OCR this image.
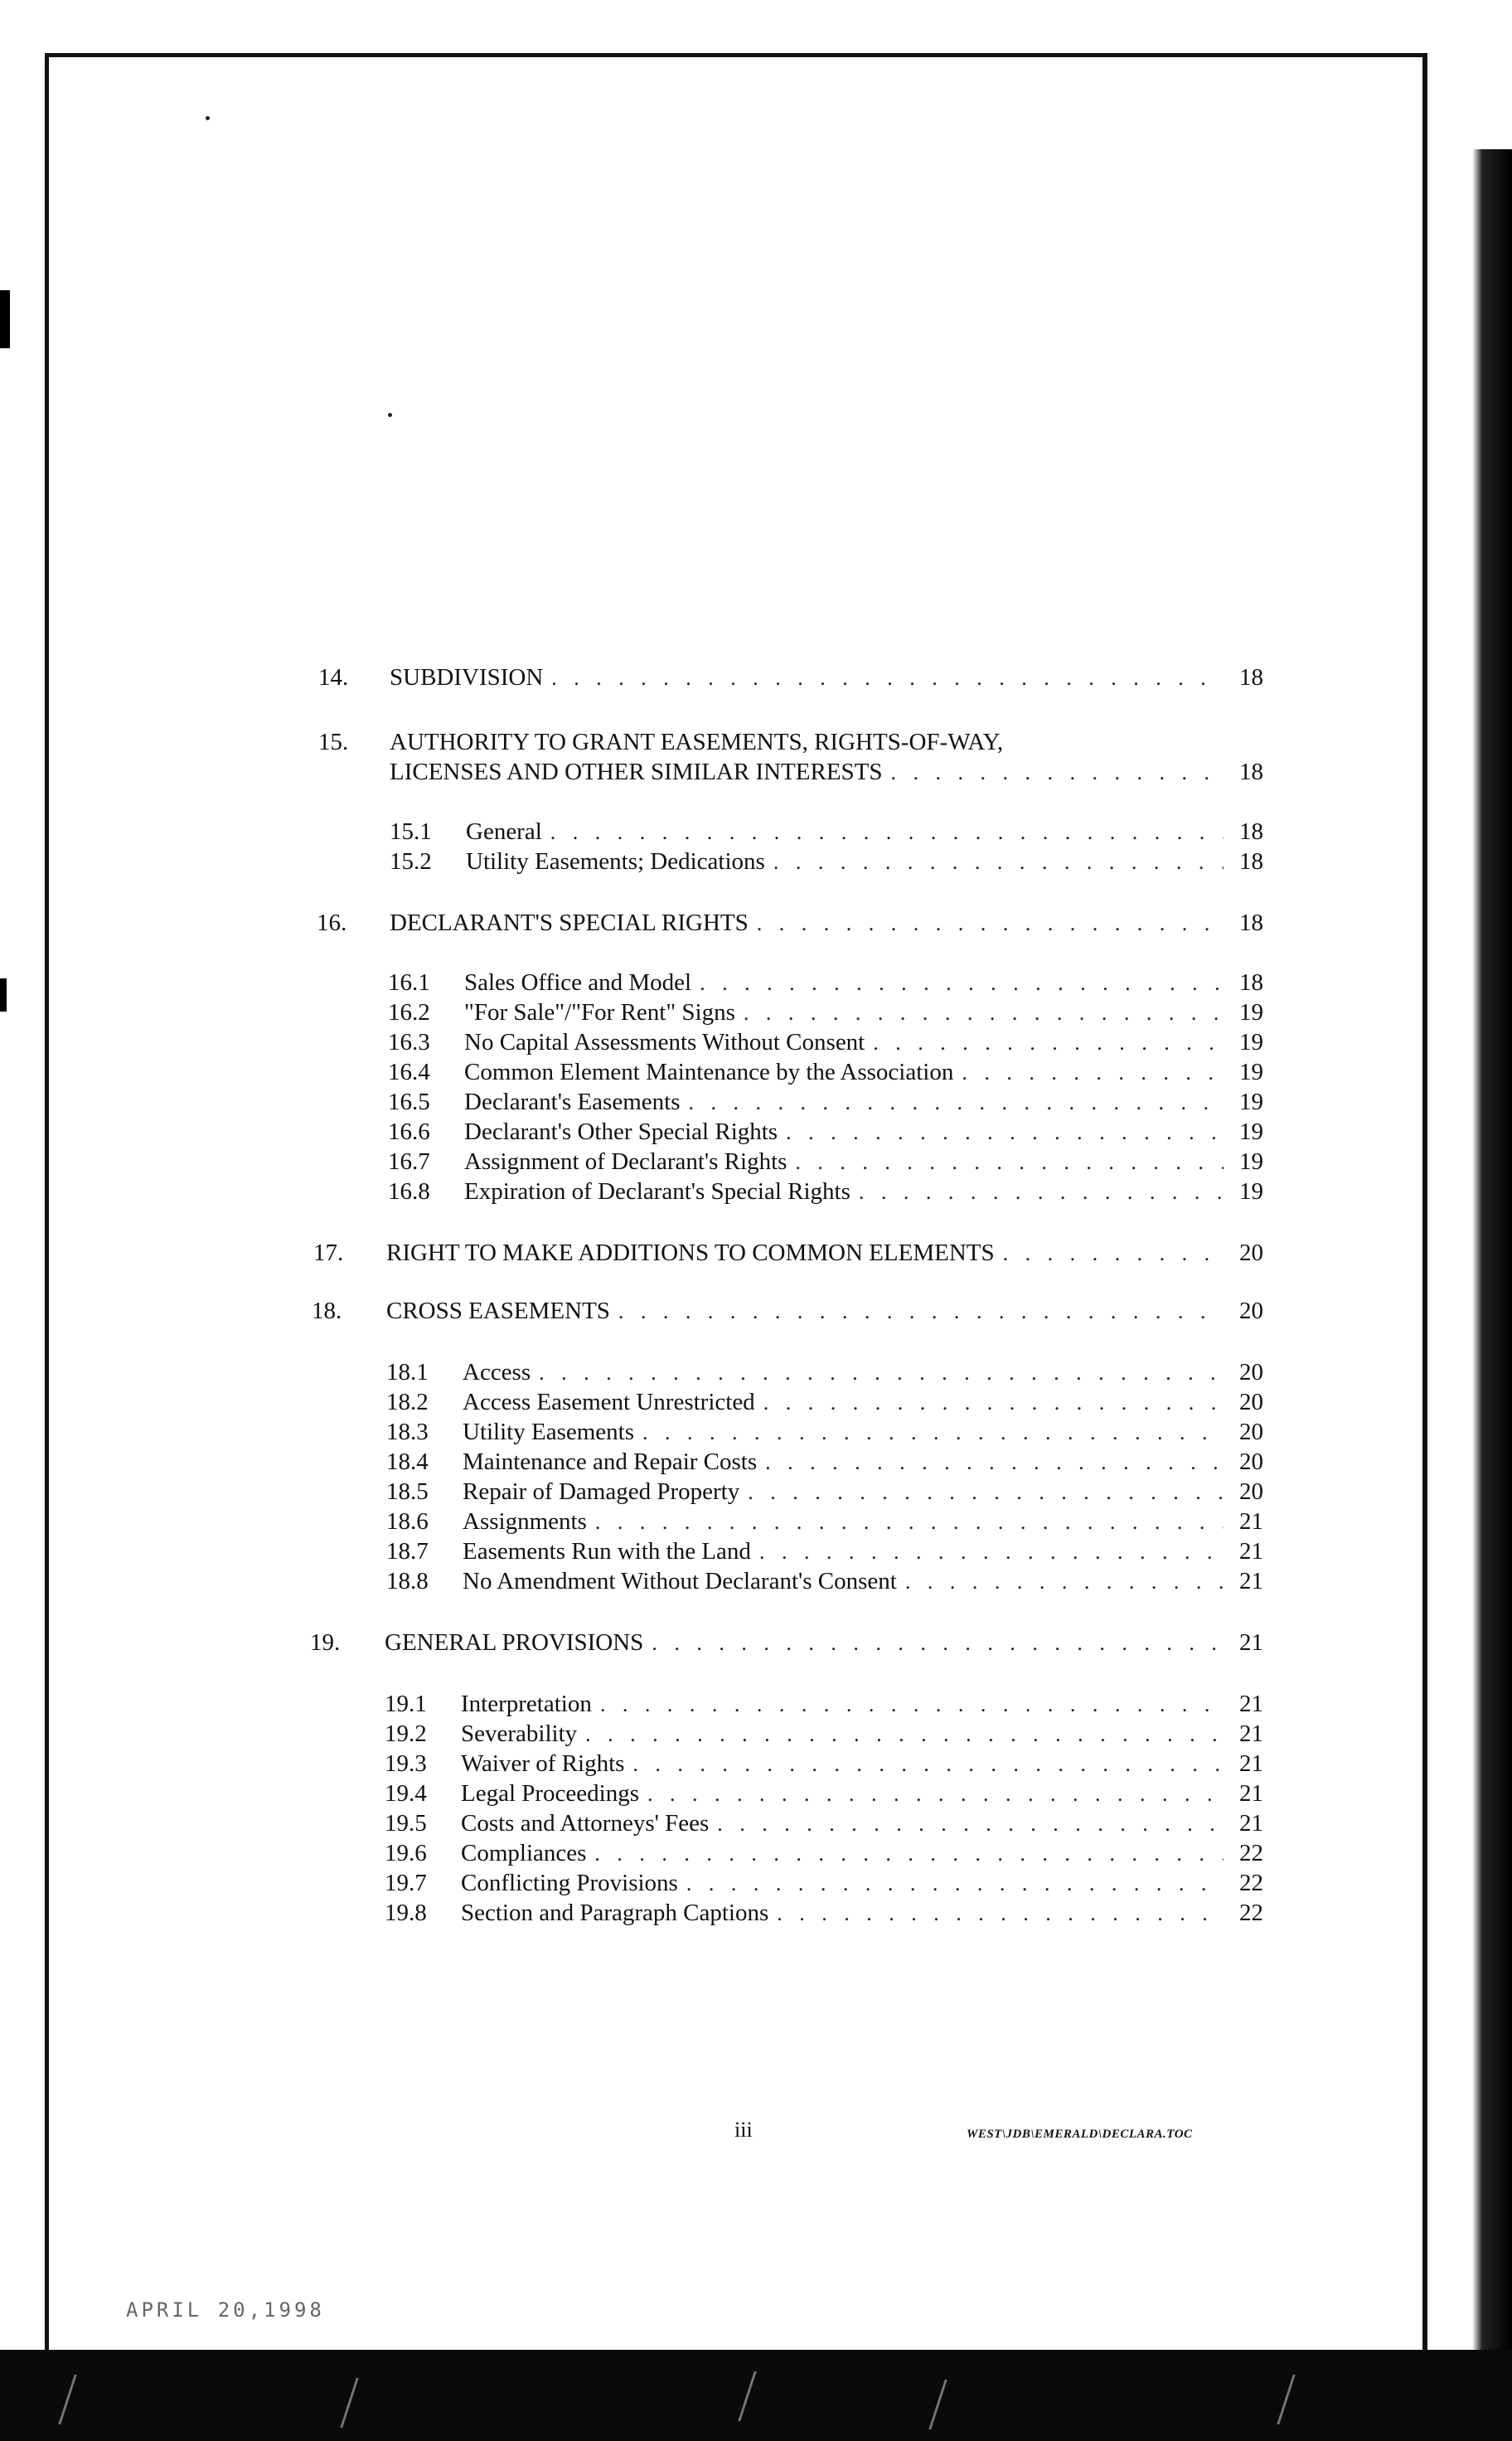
14.	SUBDIVISION . . .	18
15.	AUTHORITY TO GRANT EASEMENTS, RIGHTS-OF-WAY,
LICENSES AND OTHER SIMILAR INTERESTS . . .	18
15.1	General . . .	18
15.2	Utility Easements; Dedications . . .	18
16.	DECLARANT'S SPECIAL RIGHTS . . .	18
16.1	Sales Office and Model . . .	18
16.2	"For Sale"/"For Rent" Signs . . .	19
16.3	No Capital Assessments Without Consent . . .	19
16.4	Common Element Maintenance by the Association . . .	19
16.5	Declarant's Easements . . .	19
16.6	Declarant's Other Special Rights . . .	19
16.7	Assignment of Declarant's Rights . . .	19
16.8	Expiration of Declarant's Special Rights . . .	19
17.	RIGHT TO MAKE ADDITIONS TO COMMON ELEMENTS . . .	20
18.	CROSS EASEMENTS . . .	20
18.1	Access . . .	20
18.2	Access Easement Unrestricted . . .	20
18.3	Utility Easements . . .	20
18.4	Maintenance and Repair Costs . . .	20
18.5	Repair of Damaged Property . . .	20
18.6	Assignments . . .	21
18.7	Easements Run with the Land . . .	21
18.8	No Amendment Without Declarant's Consent . . .	21
19.	GENERAL PROVISIONS . . .	21
19.1	Interpretation . . .	21
19.2	Severability . . .	21
19.3	Waiver of Rights . . .	21
19.4	Legal Proceedings . . .	21
19.5	Costs and Attorneys' Fees . . .	21
19.6	Compliances . . .	22
19.7	Conflicting Provisions . . .	22
19.8	Section and Paragraph Captions . . .	22
iii	WEST\JDB\EMERALD\DECLARA.TOC
APRIL 20,1998
